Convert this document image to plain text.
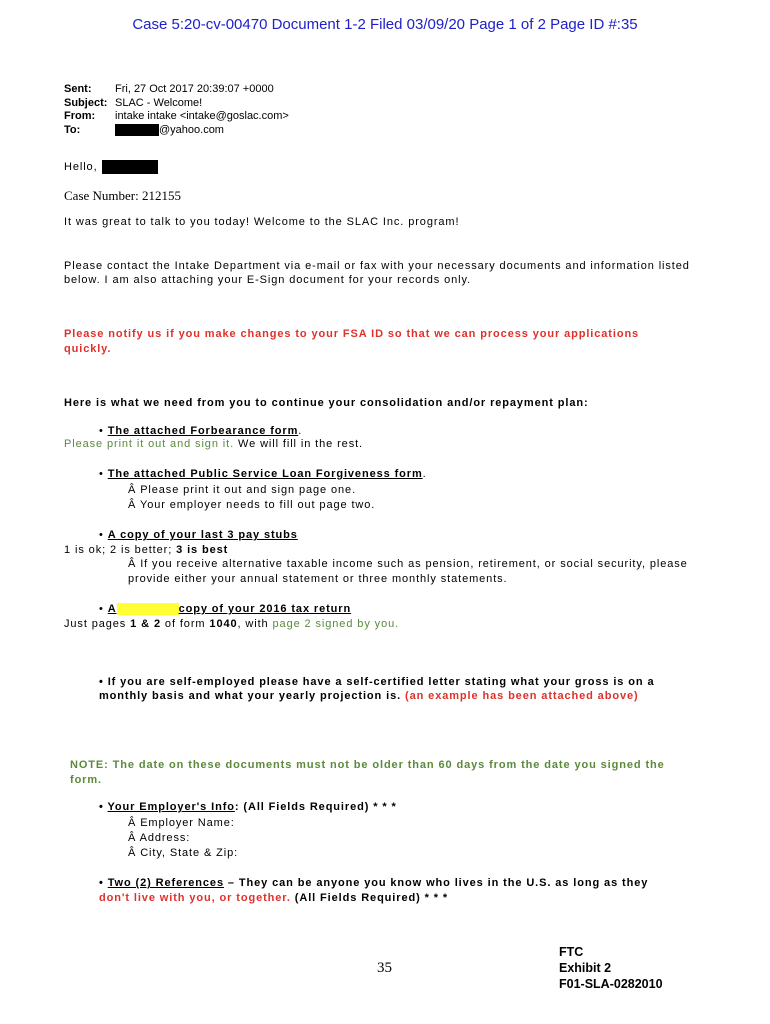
Case 5:20-cv-00470 Document 1-2 Filed 03/09/20 Page 1 of 2 Page ID #:35
Sent:	Fri, 27 Oct 2017 20:39:07 +0000
Subject: SLAC - Welcome!
From:	intake intake <intake@goslac.com>
To:	@yahoo.com
Hello,
Case Number: 212155
It was great to talk to you today! Welcome to the SLAC Inc. program!
Please contact the Intake Department via e-mail or fax with your necessary documents and information listed
below. I am also attaching your E-Sign document for your records only.
Please notify us if you make changes to your FSA ID so that we can process your applications
quickly.
Here is what we need from you to continue your consolidation and/or repayment plan:
• The attached Forbearance form.
Please print it out and sign it. We will fill in the rest.
• The attached Public Service Loan Forgiveness form.
Â Please print it out and sign page one.
Â Your employer needs to fill out page two.
• A copy of your last 3 pay stubs
1 is ok; 2 is better; 3 is best
Â If you receive alternative taxable income such as pension, retirement, or social security, please
provide either your annual statement or three monthly statements.
• A	copy of your 2016 tax return
Just pages 1 & 2 of form 1040, with page 2 signed by you.
• If you are self-employed please have a self-certified letter stating what your gross is on a
monthly basis and what your yearly projection is. (an example has been attached above)
NOTE: The date on these documents must not be older than 60 days from the date you signed the
form.
• Your Employer's Info: (All Fields Required) * * *
Â Employer Name:
Â Address:
Â City, State & Zip:
• Two (2) References – They can be anyone you know who lives in the U.S. as long as they
don't live with you, or together. (All Fields Required) * * *
35
FTC
Exhibit 2
F01-SLA-0282010
